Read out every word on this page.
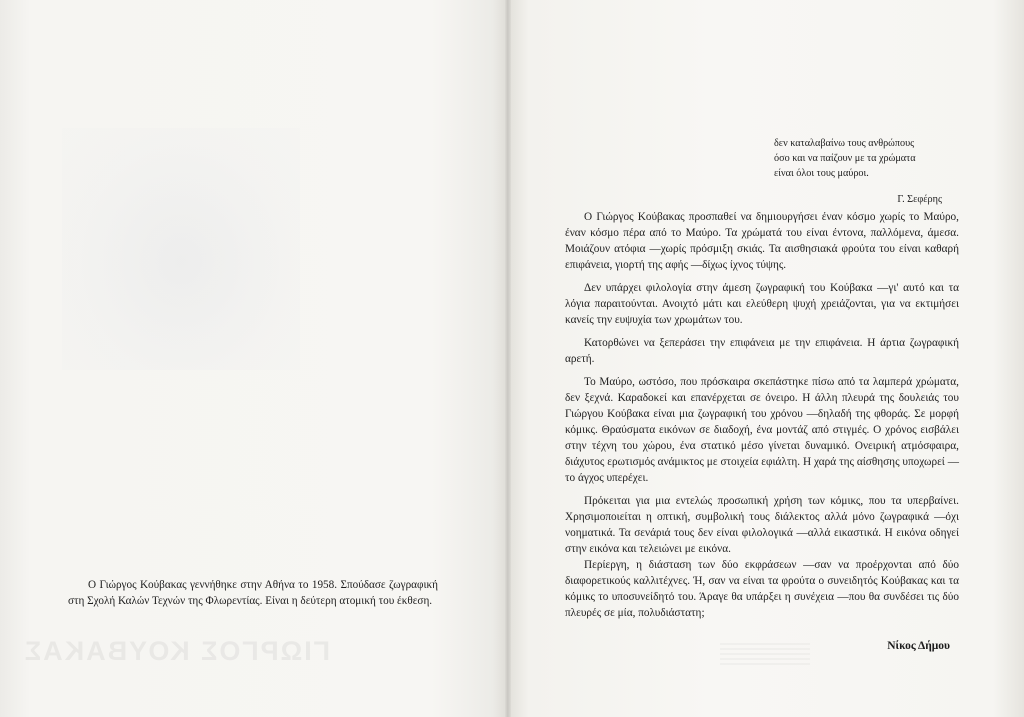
ΓΙΩΡΓΟΣ ΚΟΥΒΑΚΑΣ

Ο Γιώργος Κούβακας γεννήθηκε στην Αθήνα το 1958. Σπούδασε ζωγραφική στη Σχολή Καλών Τεχνών της Φλωρεντίας. Είναι η δεύτερη ατομική του έκθεση.

δεν καταλαβαίνω τους ανθρώπους
όσο και να παίζουν με τα χρώματα
είναι όλοι τους μαύροι.
Γ. Σεφέρης

Ο Γιώργος Κούβακας προσπαθεί να δημιουργήσει έναν κόσμο χωρίς το Μαύρο, έναν κόσμο πέρα από το Μαύρο. Τα χρώματά του είναι έντονα, παλλόμενα, άμεσα. Μοιάζουν ατόφια —χωρίς πρόσμιξη σκιάς. Τα αισθησιακά φρούτα του είναι καθαρή επιφάνεια, γιορτή της αφής —δίχως ίχνος τύψης.

Δεν υπάρχει φιλολογία στην άμεση ζωγραφική του Κούβακα —γι' αυτό και τα λόγια παραιτούνται. Ανοιχτό μάτι και ελεύθερη ψυχή χρειάζονται, για να εκτιμήσει κανείς την ευψυχία των χρωμάτων του.

Κατορθώνει να ξεπεράσει την επιφάνεια με την επιφάνεια. Η άρτια ζωγραφική αρετή.

Το Μαύρο, ωστόσο, που πρόσκαιρα σκεπάστηκε πίσω από τα λαμπερά χρώματα, δεν ξεχνά. Καραδοκεί και επανέρχεται σε όνειρο. Η άλλη πλευρά της δουλειάς του Γιώργου Κούβακα είναι μια ζωγραφική του χρόνου —δηλαδή της φθοράς. Σε μορφή κόμικς. Θραύσματα εικόνων σε διαδοχή, ένα μοντάζ από στιγμές. Ο χρόνος εισβάλει στην τέχνη του χώρου, ένα στατικό μέσο γίνεται δυναμικό. Ονειρική ατμόσφαιρα, διάχυτος ερωτισμός ανάμικτος με στοιχεία εφιάλτη. Η χαρά της αίσθησης υποχωρεί —το άγχος υπερέχει.

Πρόκειται για μια εντελώς προσωπική χρήση των κόμικς, που τα υπερβαίνει. Χρησιμοποιείται η οπτική, συμβολική τους διάλεκτος αλλά μόνο ζωγραφικά —όχι νοηματικά. Τα σενάριά τους δεν είναι φιλολογικά —αλλά εικαστικά. Η εικόνα οδηγεί στην εικόνα και τελειώνει με εικόνα.

Περίεργη, η διάσταση των δύο εκφράσεων —σαν να προέρχονται από δύο διαφορετικούς καλλιτέχνες. Ή, σαν να είναι τα φρούτα ο συνειδητός Κούβακας και τα κόμικς το υποσυνείδητό του. Άραγε θα υπάρξει η συνέχεια —που θα συνδέσει τις δύο πλευρές σε μία, πολυδιάστατη;

Νίκος Δήμου
